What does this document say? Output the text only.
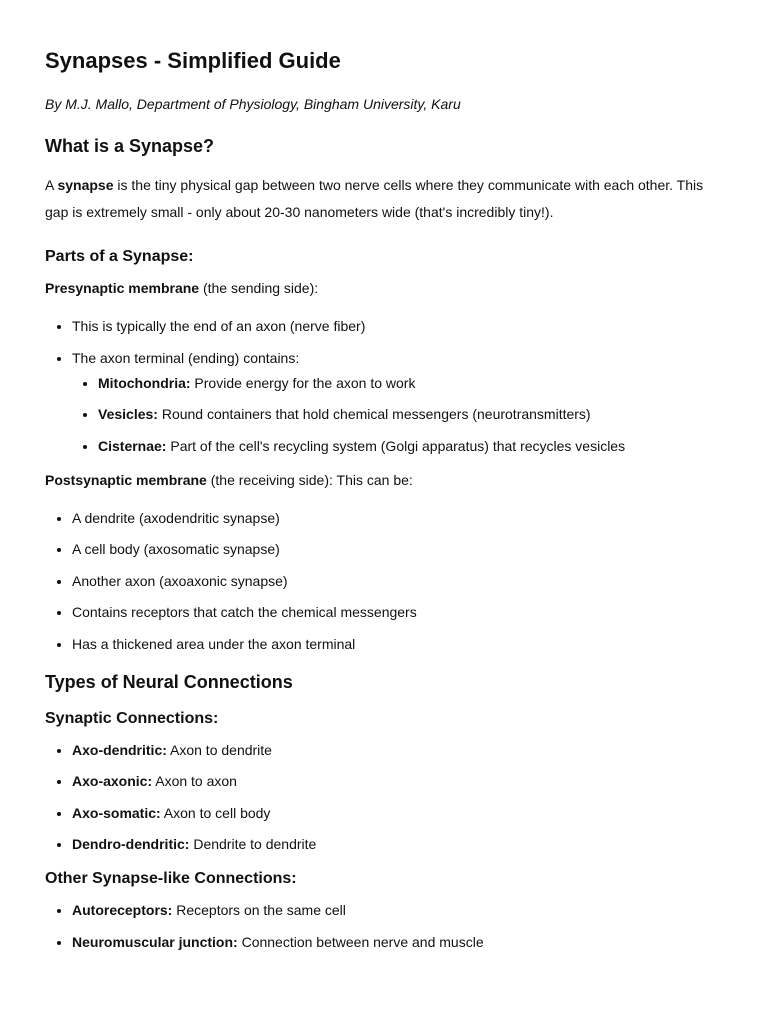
Synapses - Simplified Guide

By M.J. Mallo, Department of Physiology, Bingham University, Karu

What is a Synapse?

A synapse is the tiny physical gap between two nerve cells where they communicate with each other. This gap is extremely small - only about 20-30 nanometers wide (that's incredibly tiny!).

Parts of a Synapse:

Presynaptic membrane (the sending side):

• This is typically the end of an axon (nerve fiber)
• The axon terminal (ending) contains:
• Mitochondria: Provide energy for the axon to work
• Vesicles: Round containers that hold chemical messengers (neurotransmitters)
• Cisternae: Part of the cell's recycling system (Golgi apparatus) that recycles vesicles

Postsynaptic membrane (the receiving side): This can be:

• A dendrite (axodendritic synapse)
• A cell body (axosomatic synapse)
• Another axon (axoaxonic synapse)
• Contains receptors that catch the chemical messengers
• Has a thickened area under the axon terminal
Types of Neural Connections
Synaptic Connections:
• Axo-dendritic: Axon to dendrite
• Axo-axonic: Axon to axon
• Axo-somatic: Axon to cell body
• Dendro-dendritic: Dendrite to dendrite
Other Synapse-like Connections:
• Autoreceptors: Receptors on the same cell
• Neuromuscular junction: Connection between nerve and muscle
